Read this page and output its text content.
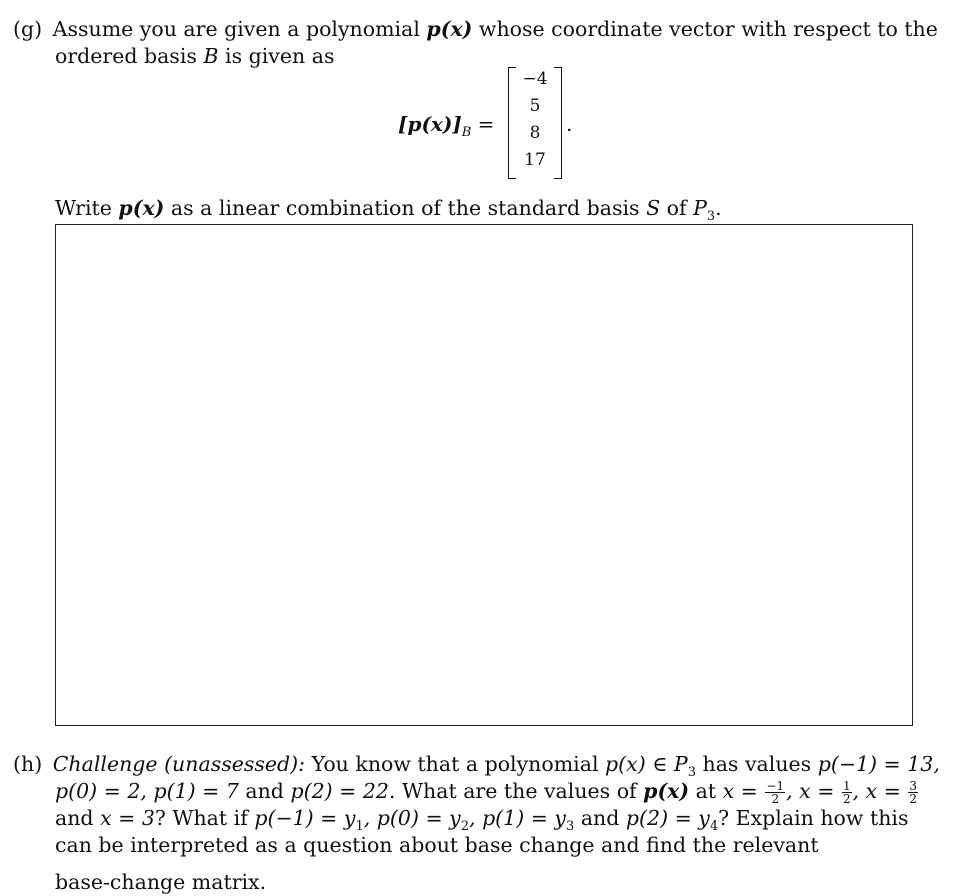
(g) Assume you are given a polynomial p(x) whose coordinate vector with respect to the
ordered basis B is given as
$[p(x)]_B$ =
−4
5
8
17
.
Write p(x) as a linear combination of the standard basis S of $P_3$.
(h) Challenge (unassessed): You know that a polynomial p(x) ∈ $P_3$ has values p(−1) = 13,
p(0) = 2, p(1) = 7 and p(2) = 22. What are the values of p(x) at $x = \frac{-1}{2}$ , $x = \frac{1}{2}$ , $x = \frac{3}{2}$
and x = 3? What if $p(-1) = y_1$, $p(0) = y_2$, $p(1) = y_3$ and $p(2) = y_4$? Explain how this
can be interpreted as a question about base change and find the relevant
base-change matrix.
